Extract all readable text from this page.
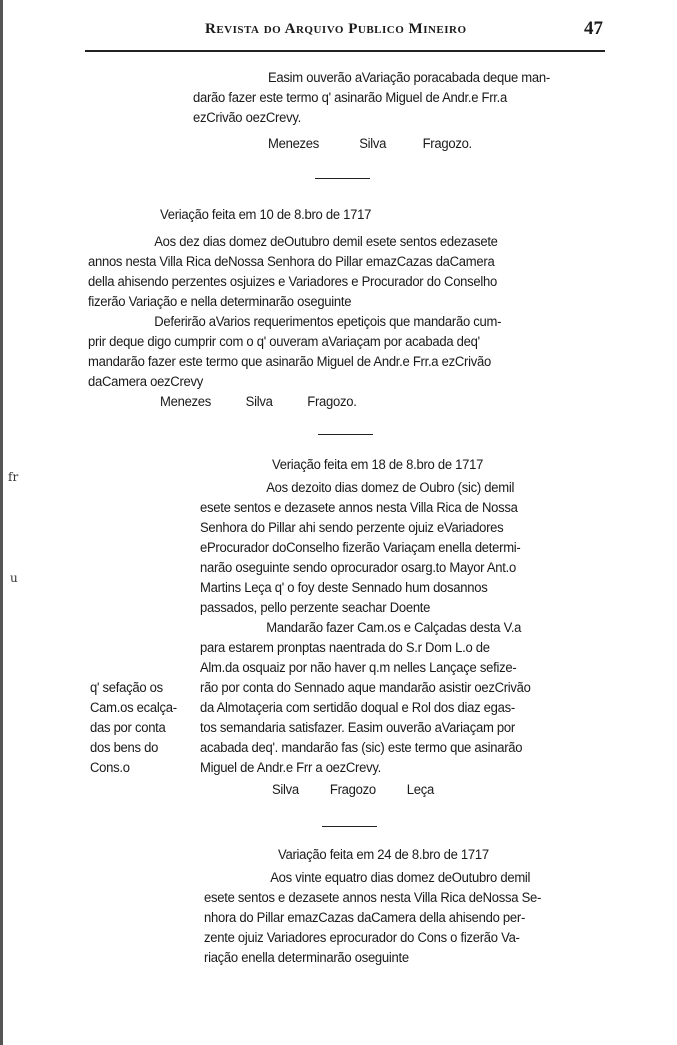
Revista do Arquivo Publico Mineiro	47
Easim ouverão aVariação poracabada deque man-
darão fazer este termo q' asinarão Miguel de Andr.e Frr.a
ezCrivão oezCrevy.
Menezes	Silva	Fragozo.
Veriação feita em 10 de 8.bro de 1717
Aos dez dias domez deOutubro demil esete sentos edezasete
annos nesta Villa Rica deNossa Senhora do Pillar emazCazas daCamera
della ahisendo perzentes osjuizes e Variadores e Procurador do Conselho
fizerão Variação e nella determinarão oseguinte
Deferirão aVarios requerimentos epetiçois que mandarão cum-
prir deque digo cumprir com o q' ouveram aVariaçam por acabada deq'
mandarão fazer este termo que asinarão Miguel de Andr.e Frr.a ezCrivão
daCamera oezCrevy
Menezes Silva Fragozo.
Veriação feita em 18 de 8.bro de 1717
Aos dezoito dias domez de Oubro (sic) demil
esete sentos e dezasete annos nesta Villa Rica de Nossa
Senhora do Pillar ahi sendo perzente ojuiz eVariadores
eProcurador doConselho fizerão Variaçam enella determi-
narão oseguinte sendo oprocurador osarg.to Mayor Ant.o
Martins Leça q' o foy deste Sennado hum dosannos
passados, pello perzente seachar Doente
Mandarão fazer Cam.os e Calçadas desta V.a
para estarem pronptas naentrada do S.r Dom L.o de
Alm.da osquaiz por não haver q.m nelles Lançaçe sefize-
rão por conta do Sennado aque mandarão asistir oezCrivão
da Almotaçeria com sertidão doqual e Rol dos diaz egas-
tos semandaria satisfazer. Easim ouverão aVariaçam por
acabada deq'. mandarão fas (sic) este termo que asinarão
Miguel de Andr.e Frr a oezCrevy.
q' sefação os
Cam.os ecalça-
das por conta
dos bens do
Cons.o
Silva Fragozo Leça
Variação feita em 24 de 8.bro de 1717
Aos vinte equatro dias domez deOutubro demil
esete sentos e dezasete annos nesta Villa Rica deNossa Se-
nhora do Pillar emazCazas daCamera della ahisendo per-
zente ojuiz Variadores eprocurador do Cons o fizerão Va-
riação enella determinarão oseguinte
fr
u
